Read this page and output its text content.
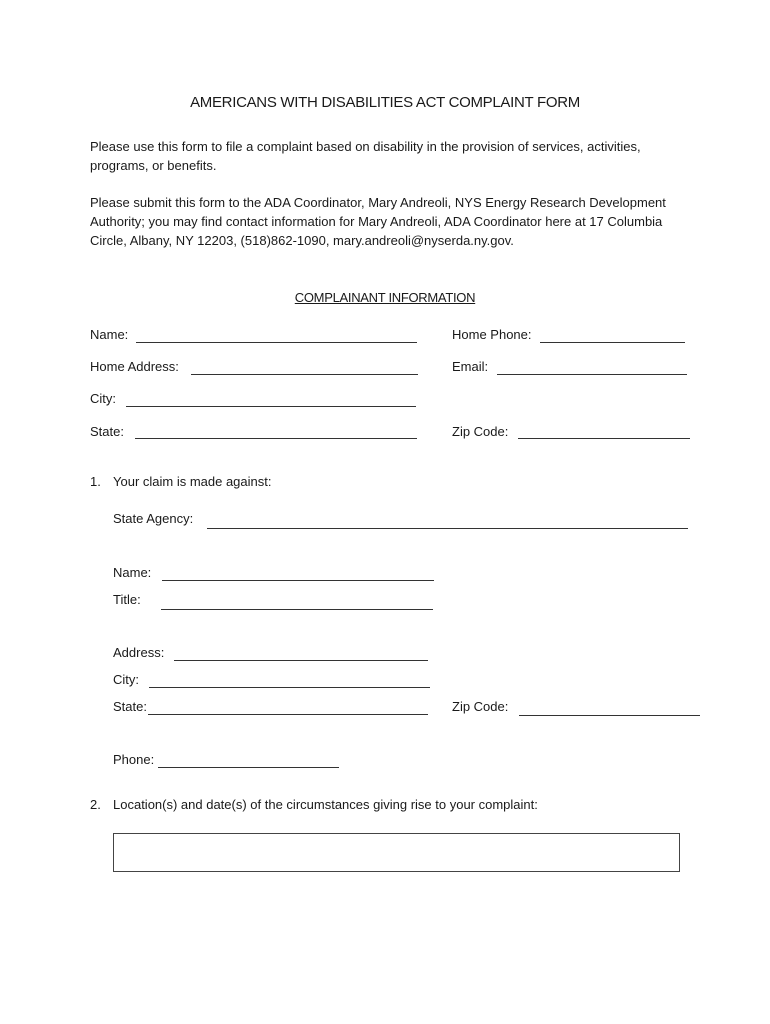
AMERICANS WITH DISABILITIES ACT COMPLAINT FORM
Please use this form to file a complaint based on disability in the provision of services, activities, programs, or benefits.
Please submit this form to the ADA Coordinator, Mary Andreoli, NYS Energy Research Development Authority; you may find contact information for Mary Andreoli, ADA Coordinator here at 17 Columbia Circle, Albany, NY 12203, (518)862-1090, mary.andreoli@nyserda.ny.gov.
COMPLAINANT INFORMATION
Name:	Home Phone:
Home Address:	Email:
City:
State:	Zip Code:
1. Your claim is made against:
State Agency:
Name:
Title:
Address:
City:
State:	Zip Code:
Phone:
2. Location(s) and date(s) of the circumstances giving rise to your complaint:
